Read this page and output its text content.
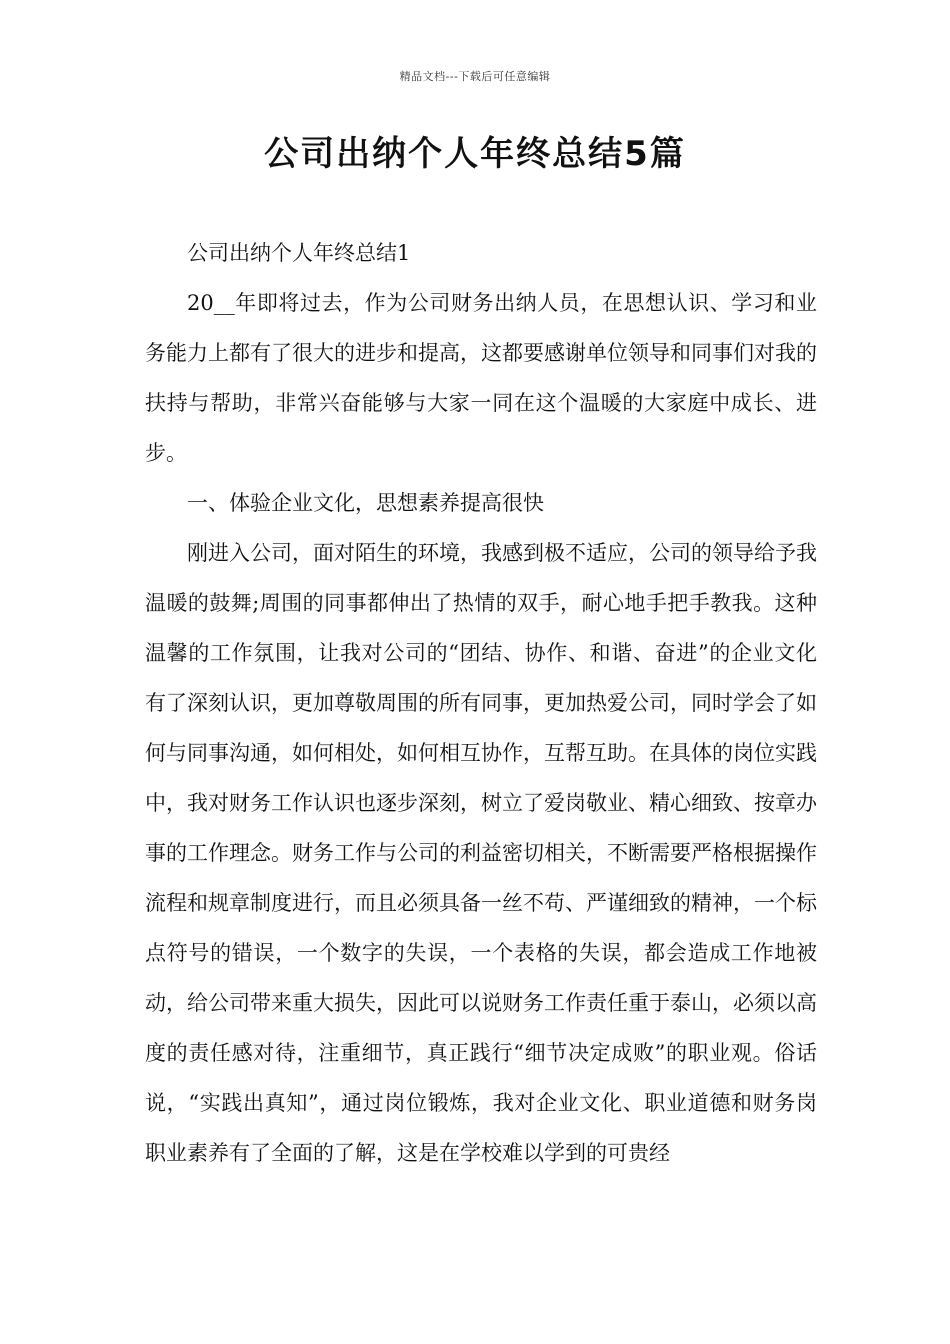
精品文档---下载后可任意编辑
公司出纳个人年终总结5篇

公司出纳个人年终总结1

20__年即将过去，作为公司财务出纳人员，在思想认识、学习和业务能力上都有了很大的进步和提高，这都要感谢单位领导和同事们对我的扶持与帮助，非常兴奋能够与大家一同在这个温暖的大家庭中成长、进步。

一、体验企业文化，思想素养提高很快

刚进入公司，面对陌生的环境，我感到极不适应，公司的领导给予我温暖的鼓舞;周围的同事都伸出了热情的双手，耐心地手把手教我。这种温馨的工作氛围，让我对公司的“团结、协作、和谐、奋进”的企业文化有了深刻认识，更加尊敬周围的所有同事，更加热爱公司，同时学会了如何与同事沟通，如何相处，如何相互协作，互帮互助。在具体的岗位实践中，我对财务工作认识也逐步深刻，树立了爱岗敬业、精心细致、按章办事的工作理念。财务工作与公司的利益密切相关，不断需要严格根据操作流程和规章制度进行，而且必须具备一丝不苟、严谨细致的精神，一个标点符号的错误，一个数字的失误，一个表格的失误，都会造成工作地被动，给公司带来重大损失，因此可以说财务工作责任重于泰山，必须以高度的责任感对待，注重细节，真正践行“细节决定成败”的职业观。俗话说，“实践出真知”，通过岗位锻炼，我对企业文化、职业道德和财务岗职业素养有了全面的了解，这是在学校难以学到的可贵经
